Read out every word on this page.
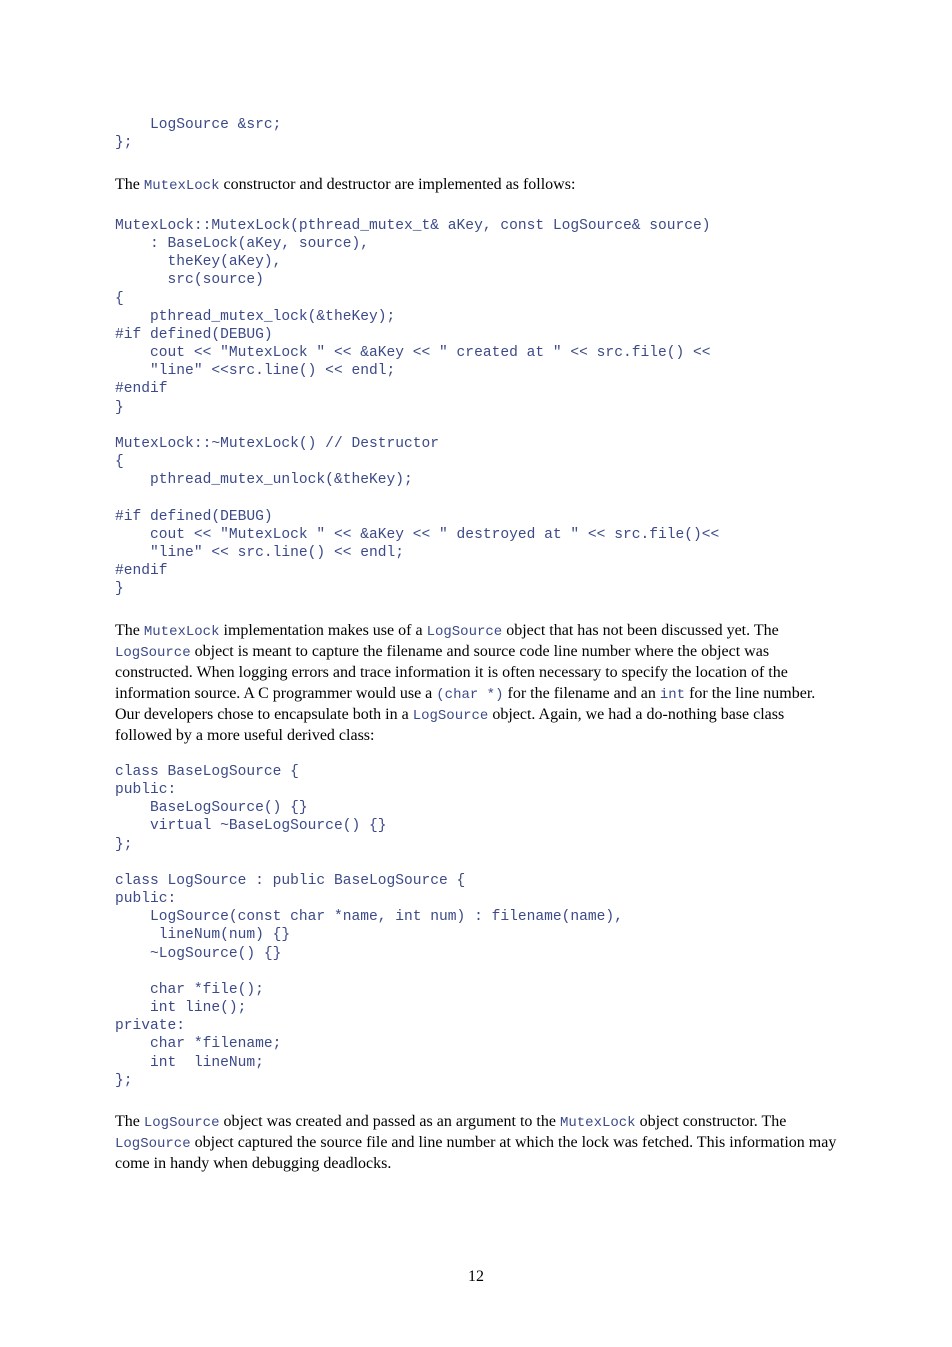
LogSource &src;
};

The MutexLock constructor and destructor are implemented as follows:

MutexLock::MutexLock(pthread_mutex_t& aKey, const LogSource& source)
: BaseLock(aKey, source),
theKey(aKey),
src(source)
{
pthread_mutex_lock(&theKey);
#if defined(DEBUG)
cout << "MutexLock " << &aKey << " created at " << src.file() <<
"line" <<src.line() << endl;
#endif
}
MutexLock::~MutexLock() // Destructor
{
pthread_mutex_unlock(&theKey);

#if defined(DEBUG)
cout << "MutexLock " << &aKey << " destroyed at " << src.file()<<
"line" << src.line() << endl;
#endif
}

The MutexLock implementation makes use of a LogSource object that has not been discussed yet. The LogSource object is meant to capture the filename and source code line number where the object was constructed. When logging errors and trace information it is often necessary to specify the location of the information source. A C programmer would use a (char *) for the filename and an int for the line number. Our developers chose to encapsulate both in a LogSource object. Again, we had a do-nothing base class followed by a more useful derived class:

class BaseLogSource {
public:
BaseLogSource() {}
virtual ~BaseLogSource() {}
};
class LogSource : public BaseLogSource {
public:
LogSource(const char *name, int num) : filename(name),
lineNum(num) {}
~LogSource() {}

char *file();
int line();
private:
char *filename;
int  lineNum;
};

The LogSource object was created and passed as an argument to the MutexLock object constructor. The LogSource object captured the source file and line number at which the lock was fetched. This information may come in handy when debugging deadlocks.

12
